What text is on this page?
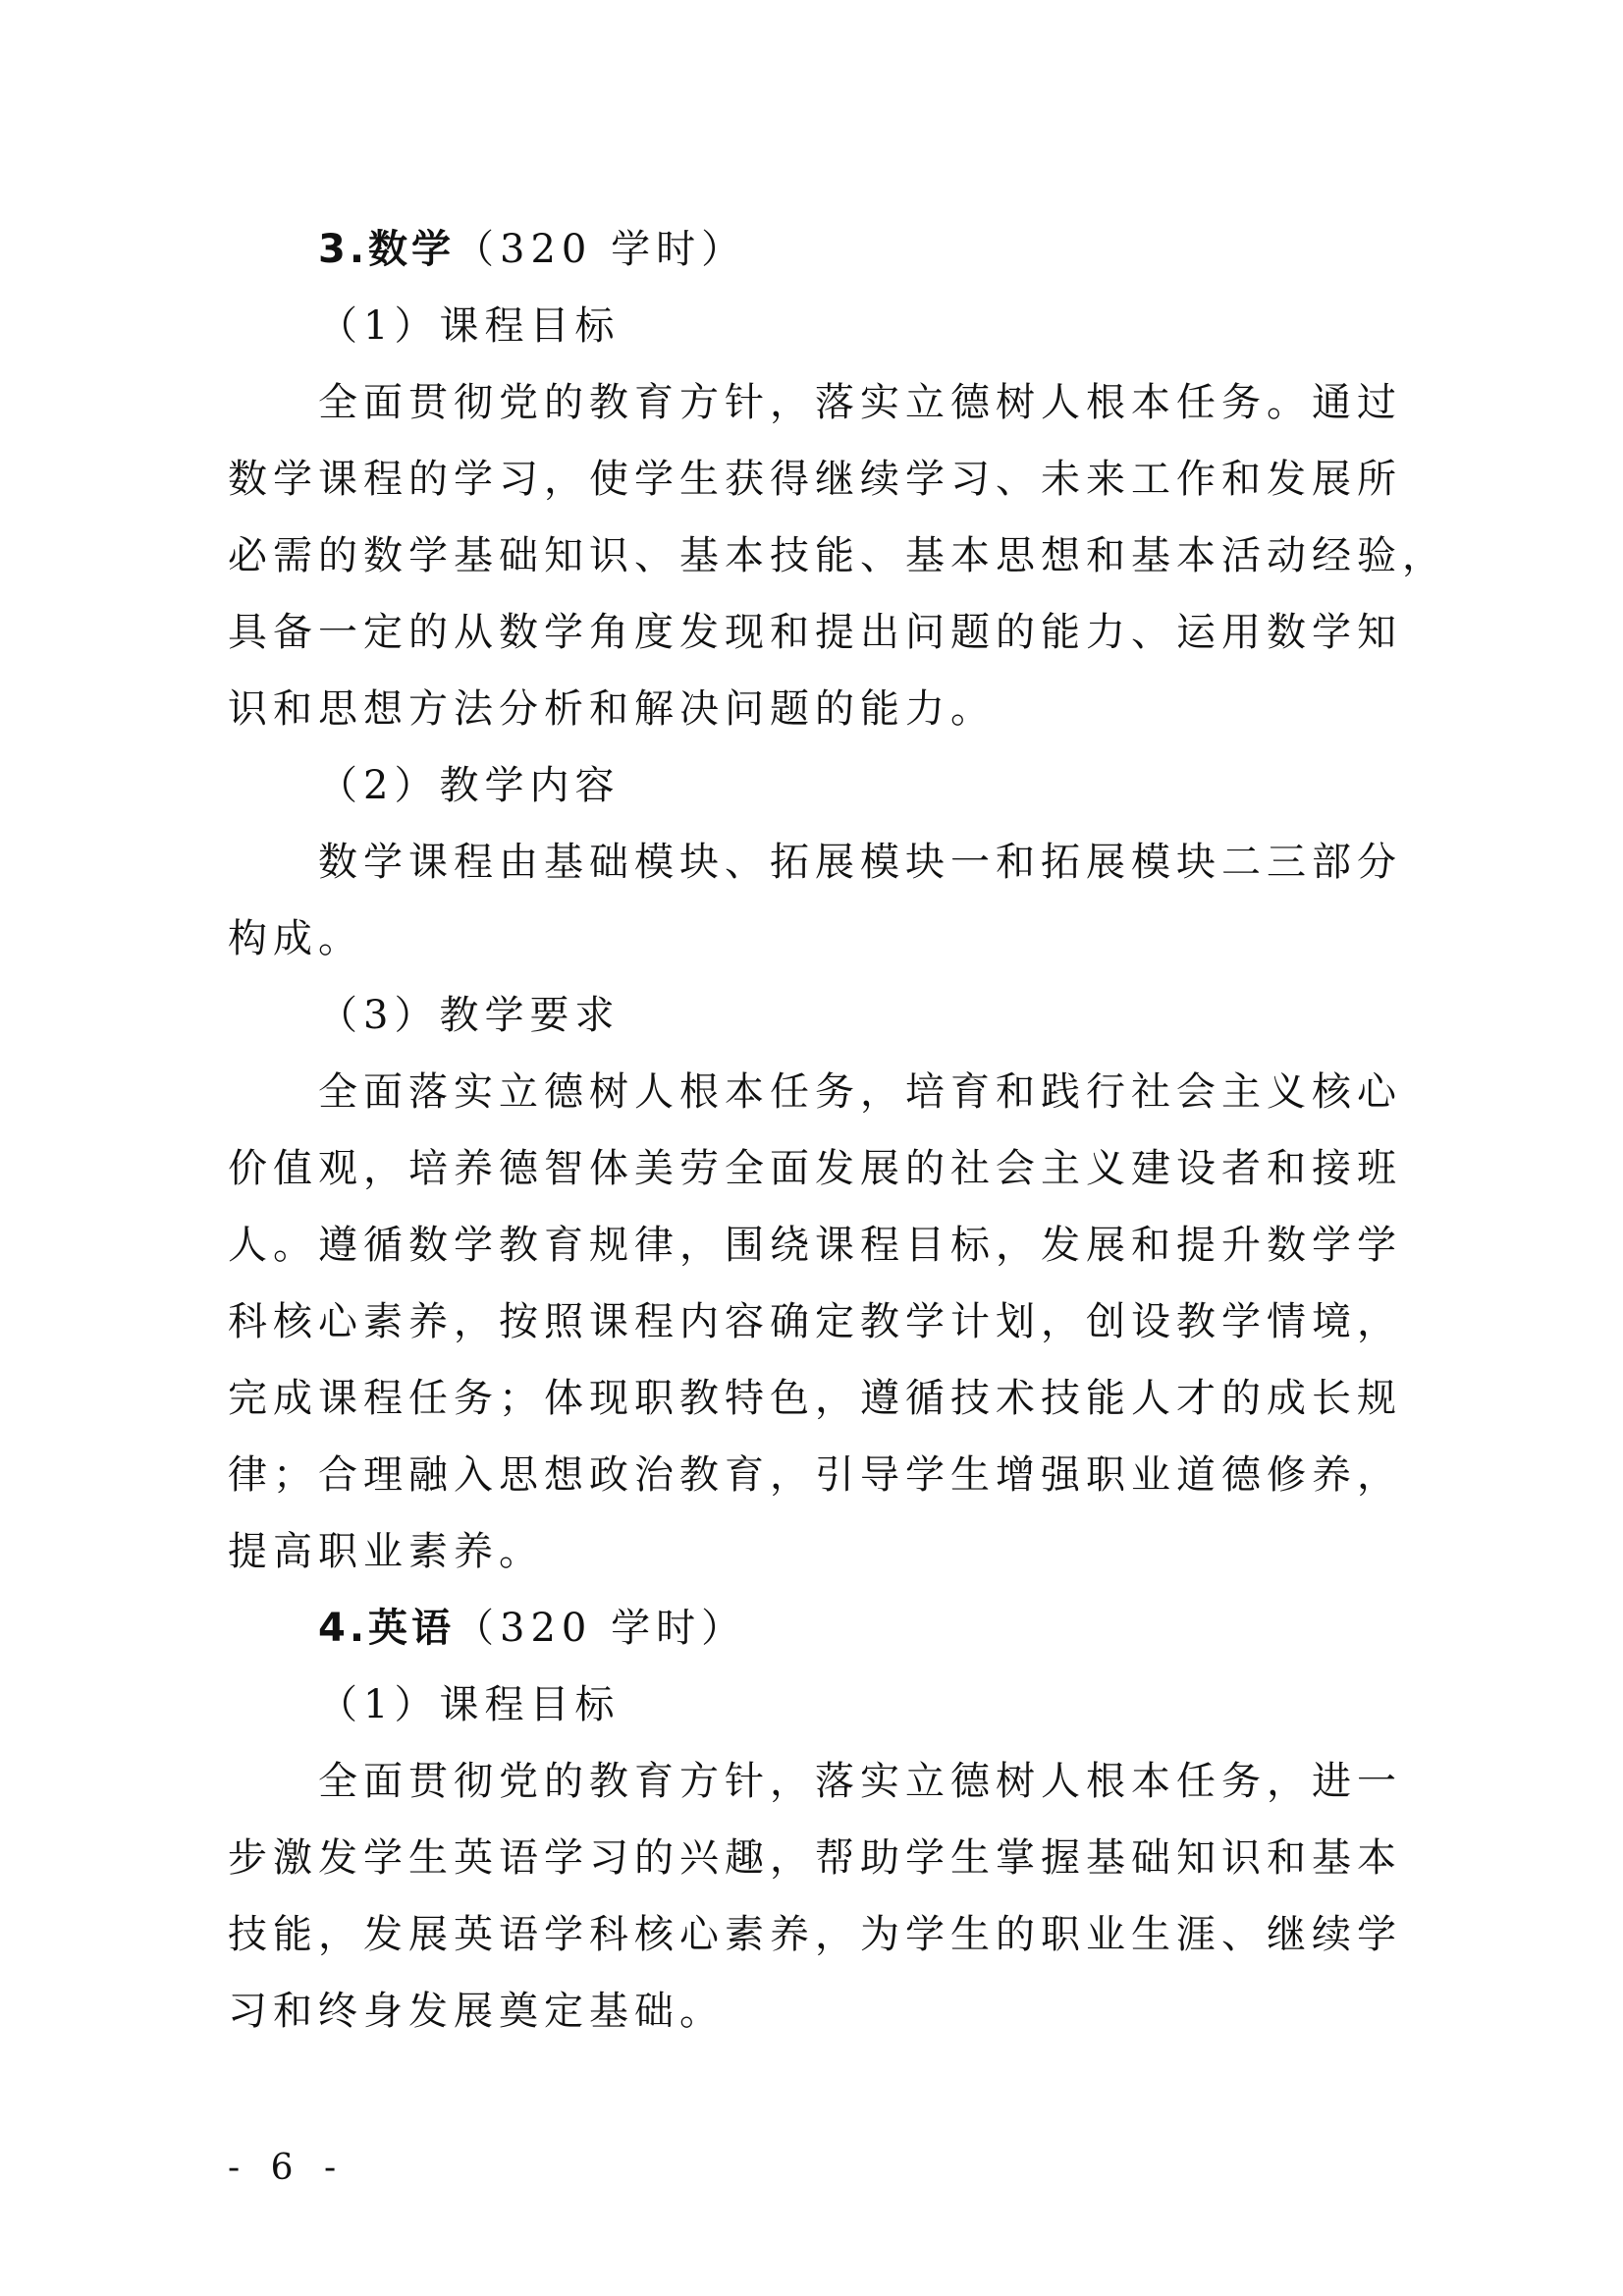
3.数学（320 学时）
（1）课程目标
全面贯彻党的教育方针，落实立德树人根本任务。通过
数学课程的学习，使学生获得继续学习、未来工作和发展所
必需的数学基础知识、基本技能、基本思想和基本活动经验，
具备一定的从数学角度发现和提出问题的能力、运用数学知
识和思想方法分析和解决问题的能力。
（2）教学内容
数学课程由基础模块、拓展模块一和拓展模块二三部分
构成。
（3）教学要求
全面落实立德树人根本任务，培育和践行社会主义核心
价值观，培养德智体美劳全面发展的社会主义建设者和接班
人。遵循数学教育规律，围绕课程目标，发展和提升数学学
科核心素养，按照课程内容确定教学计划，创设教学情境，
完成课程任务；体现职教特色，遵循技术技能人才的成长规
律；合理融入思想政治教育，引导学生增强职业道德修养，
提高职业素养。
4.英语（320 学时）
（1）课程目标
全面贯彻党的教育方针，落实立德树人根本任务，进一
步激发学生英语学习的兴趣，帮助学生掌握基础知识和基本
技能，发展英语学科核心素养，为学生的职业生涯、继续学
习和终身发展奠定基础。
- 6 -
